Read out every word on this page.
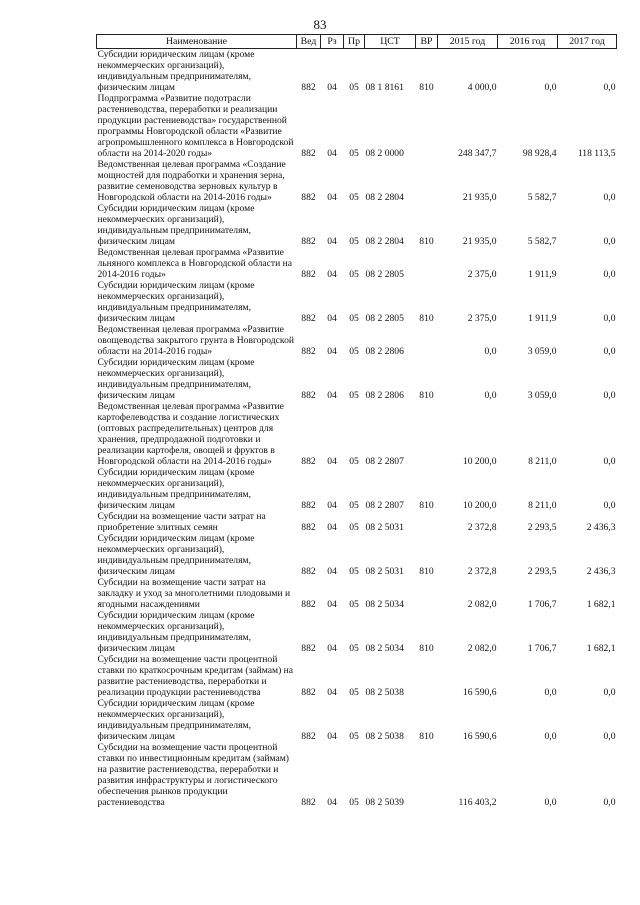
83
Наименование	Вед	Рз	Пр	ЦСТ	ВР	2015 год	2016 год	2017 год
Субсидии юридическим лицам (кроме некоммерческих организаций), индивидуальным предпринимателям, физическим лицам	882	04	05	08 1 8161	810	4 000,0	0,0	0,0
Подпрограмма «Развитие подотрасли растениеводства, переработки и реализации продукции растениеводства» государственной программы Новгородской области «Развитие агропромышленного комплекса в Новгородской области на 2014-2020 годы»	882	04	05	08 2 0000		248 347,7	98 928,4	118 113,5
Ведомственная целевая программа «Создание мощностей для подработки и хранения зерна, развитие семеноводства зерновых культур в Новгородской области на 2014-2016 годы»	882	04	05	08 2 2804		21 935,0	5 582,7	0,0
Субсидии юридическим лицам (кроме некоммерческих организаций), индивидуальным предпринимателям, физическим лицам	882	04	05	08 2 2804	810	21 935,0	5 582,7	0,0
Ведомственная целевая программа «Развитие льняного комплекса в Новгородской области на 2014-2016 годы»	882	04	05	08 2 2805		2 375,0	1 911,9	0,0
Субсидии юридическим лицам (кроме некоммерческих организаций), индивидуальным предпринимателям, физическим лицам	882	04	05	08 2 2805	810	2 375,0	1 911,9	0,0
Ведомственная целевая программа «Развитие овощеводства закрытого грунта в Новгородской области на 2014-2016 годы»	882	04	05	08 2 2806		0,0	3 059,0	0,0
Субсидии юридическим лицам (кроме некоммерческих организаций), индивидуальным предпринимателям, физическим лицам	882	04	05	08 2 2806	810	0,0	3 059,0	0,0
Ведомственная целевая программа «Развитие картофелеводства и создание логистических (оптовых распределительных) центров для хранения, предпродажной подготовки и реализации картофеля, овощей и фруктов в Новгородской области на 2014-2016 годы»	882	04	05	08 2 2807		10 200,0	8 211,0	0,0
Субсидии юридическим лицам (кроме некоммерческих организаций), индивидуальным предпринимателям, физическим лицам	882	04	05	08 2 2807	810	10 200,0	8 211,0	0,0
Субсидии на возмещение части затрат на приобретение элитных семян	882	04	05	08 2 5031		2 372,8	2 293,5	2 436,3
Субсидии юридическим лицам (кроме некоммерческих организаций), индивидуальным предпринимателям, физическим лицам	882	04	05	08 2 5031	810	2 372,8	2 293,5	2 436,3
Субсидии на возмещение части затрат на закладку и уход за многолетними плодовыми и ягодными насаждениями	882	04	05	08 2 5034		2 082,0	1 706,7	1 682,1
Субсидии юридическим лицам (кроме некоммерческих организаций), индивидуальным предпринимателям, физическим лицам	882	04	05	08 2 5034	810	2 082,0	1 706,7	1 682,1
Субсидии на возмещение части процентной ставки по краткосрочным кредитам (займам) на развитие растениеводства, переработки и реализации продукции растениеводства	882	04	05	08 2 5038		16 590,6	0,0	0,0
Субсидии юридическим лицам (кроме некоммерческих организаций), индивидуальным предпринимателям, физическим лицам	882	04	05	08 2 5038	810	16 590,6	0,0	0,0
Субсидии на возмещение части процентной ставки по инвестиционным кредитам (займам) на развитие растениеводства, переработки и развития инфраструктуры и логистического обеспечения рынков продукции растениеводства	882	04	05	08 2 5039		116 403,2	0,0	0,0
